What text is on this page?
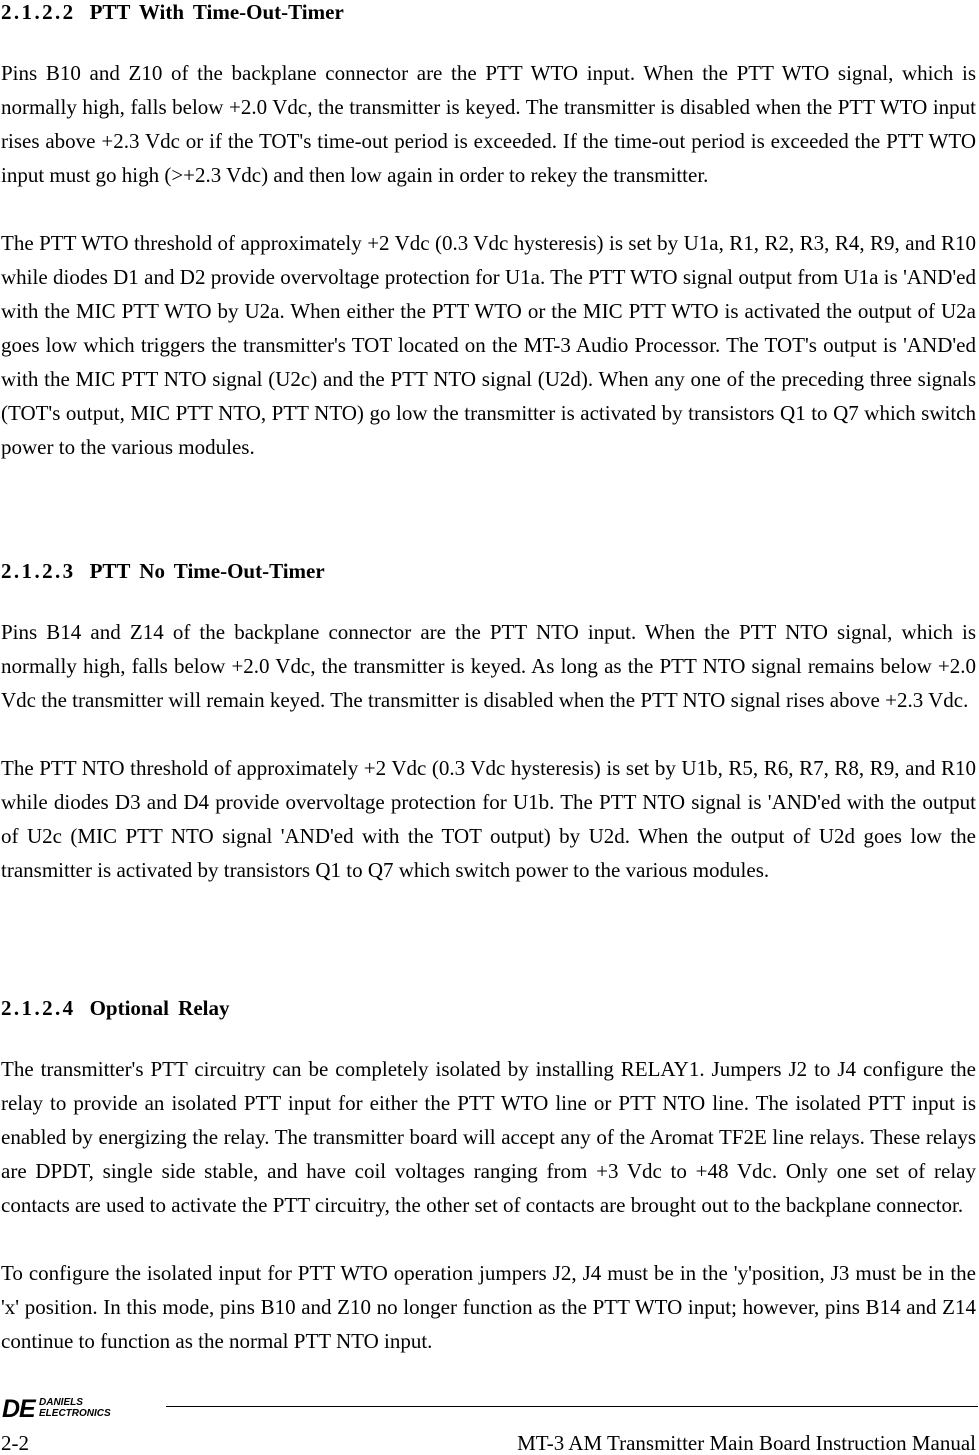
2.1.2.2 PTT With Time-Out-Timer

Pins B10 and Z10 of the backplane connector are the PTT WTO input. When the PTT WTO signal, which is normally high, falls below +2.0 Vdc, the transmitter is keyed. The transmitter is disabled when the PTT WTO input rises above +2.3 Vdc or if the TOT's time-out period is exceeded. If the time-out period is exceeded the PTT WTO input must go high (>+2.3 Vdc) and then low again in order to rekey the transmitter.

The PTT WTO threshold of approximately +2 Vdc (0.3 Vdc hysteresis) is set by U1a, R1, R2, R3, R4, R9, and R10 while diodes D1 and D2 provide overvoltage protection for U1a. The PTT WTO signal output from U1a is 'AND'ed with the MIC PTT WTO by U2a. When either the PTT WTO or the MIC PTT WTO is activated the output of U2a goes low which triggers the transmitter's TOT located on the MT-3 Audio Processor. The TOT's output is 'AND'ed with the MIC PTT NTO signal (U2c) and the PTT NTO signal (U2d). When any one of the preceding three signals (TOT's output, MIC PTT NTO, PTT NTO) go low the transmitter is activated by transistors Q1 to Q7 which switch power to the various modules.

2.1.2.3 PTT No Time-Out-Timer

Pins B14 and Z14 of the backplane connector are the PTT NTO input. When the PTT NTO signal, which is normally high, falls below +2.0 Vdc, the transmitter is keyed. As long as the PTT NTO signal remains below +2.0 Vdc the transmitter will remain keyed. The transmitter is disabled when the PTT NTO signal rises above +2.3 Vdc.

The PTT NTO threshold of approximately +2 Vdc (0.3 Vdc hysteresis) is set by U1b, R5, R6, R7, R8, R9, and R10 while diodes D3 and D4 provide overvoltage protection for U1b. The PTT NTO signal is 'AND'ed with the output of U2c (MIC PTT NTO signal 'AND'ed with the TOT output) by U2d. When the output of U2d goes low the transmitter is activated by transistors Q1 to Q7 which switch power to the various modules.

2.1.2.4 Optional Relay

The transmitter's PTT circuitry can be completely isolated by installing RELAY1. Jumpers J2 to J4 configure the relay to provide an isolated PTT input for either the PTT WTO line or PTT NTO line. The isolated PTT input is enabled by energizing the relay. The transmitter board will accept any of the Aromat TF2E line relays. These relays are DPDT, single side stable, and have coil voltages ranging from +3 Vdc to +48 Vdc. Only one set of relay contacts are used to activate the PTT circuitry, the other set of contacts are brought out to the backplane connector.

To configure the isolated input for PTT WTO operation jumpers J2, J4 must be in the 'y'position, J3 must be in the 'x' position. In this mode, pins B10 and Z10 no longer function as the PTT WTO input; however, pins B14 and Z14 continue to function as the normal PTT NTO input.

DE DANIELS
ELECTRONICS

2-2	MT-3 AM Transmitter Main Board Instruction Manual
